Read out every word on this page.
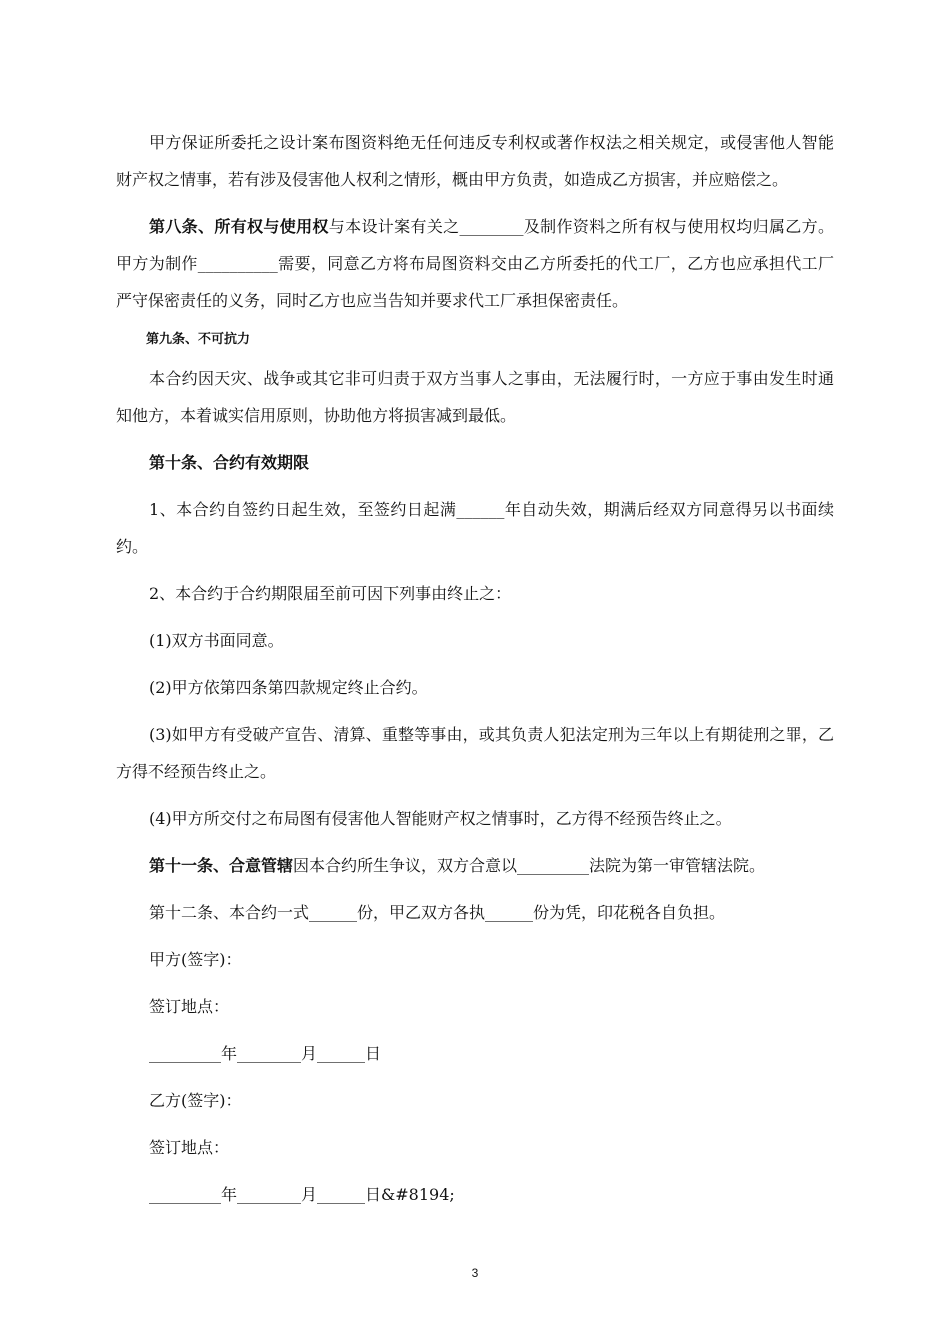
甲方保证所委托之设计案布图资料绝无任何违反专利权或著作权法之相关规定，或侵害他人智能财产权之情事，若有涉及侵害他人权利之情形，概由甲方负责，如造成乙方损害，并应赔偿之。

第八条、所有权与使用权与本设计案有关之________及制作资料之所有权与使用权均归属乙方。甲方为制作__________需要，同意乙方将布局图资料交由乙方所委托的代工厂，乙方也应承担代工厂严守保密责任的义务，同时乙方也应当告知并要求代工厂承担保密责任。

第九条、不可抗力

本合约因天灾、战争或其它非可归责于双方当事人之事由，无法履行时，一方应于事由发生时通知他方，本着诚实信用原则，协助他方将损害减到最低。

第十条、合约有效期限

1、本合约自签约日起生效，至签约日起满______年自动失效，期满后经双方同意得另以书面续约。

2、本合约于合约期限届至前可因下列事由终止之：

(1)双方书面同意。

(2)甲方依第四条第四款规定终止合约。

(3)如甲方有受破产宣告、清算、重整等事由，或其负责人犯法定刑为三年以上有期徒刑之罪，乙方得不经预告终止之。

(4)甲方所交付之布局图有侵害他人智能财产权之情事时，乙方得不经预告终止之。

第十一条、合意管辖因本合约所生争议，双方合意以_________法院为第一审管辖法院。

第十二条、本合约一式______份，甲乙双方各执______份为凭，印花税各自负担。

甲方(签字)：

签订地点：

_________年________月______日

乙方(签字)：

签订地点：

_________年________月______日&#8194;

3
